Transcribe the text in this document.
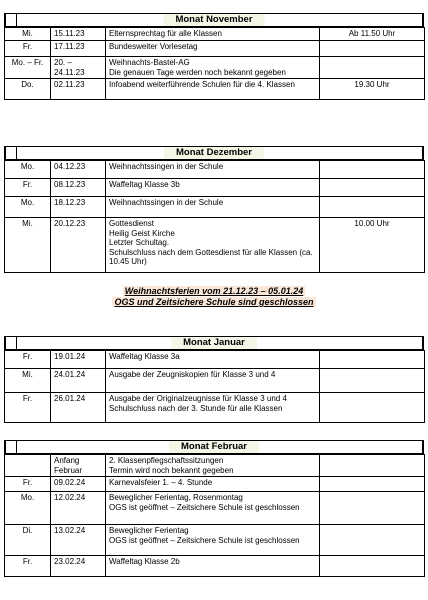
Monat November
Mi.	15.11.23	Elternsprechtag für alle Klassen	Ab 11.50 Uhr
Fr.	17.11.23	Bundesweiter Vorlesetag	
Mo. – Fr.	20. – 24.11.23	Weihnachts-Bastel-AG
Die genauen Tage werden noch bekannt gegeben	
Do.	02.11.23	Infoabend weiterführende Schulen für die 4. Klassen	19.30 Uhr
Monat Dezember
Mo.	04.12.23	Weihnachtssingen in der Schule	
Fr.	08.12.23	Waffeltag Klasse 3b	
Mo.	18.12.23	Weihnachtssingen in der Schule	
Mi.	20.12.23	Gottesdienst
Heilig Geist Kirche
Letzter Schultag.
Schulschluss nach dem Gottesdienst für alle Klassen (ca. 10.45 Uhr)	10.00 Uhr
Weihnachtsferien vom 21.12.23 – 05.01.24
OGS und Zeitsichere Schule sind geschlossen
Monat Januar
Fr.	19.01.24	Waffeltag Klasse 3a	
Mi.	24.01.24	Ausgabe der Zeugniskopien für Klasse 3 und 4	
Fr.	26.01.24	Ausgabe der Originalzeugnisse für Klasse 3 und 4
Schulschluss nach der 3. Stunde für alle Klassen	
Monat Februar
	Anfang Februar	2. Klassenpflegschaftssitzungen
Termin wird noch bekannt gegeben	
Fr.	09.02.24	Karnevalsfeier 1. – 4. Stunde	
Mo.	12.02.24	Beweglicher Ferientag, Rosenmontag
OGS ist geöffnet – Zeitsichere Schule ist geschlossen	
Di.	13.02.24	Beweglicher Ferientag
OGS ist geöffnet – Zeitsichere Schule ist geschlossen	
Fr.	23.02.24	Waffeltag Klasse 2b	
